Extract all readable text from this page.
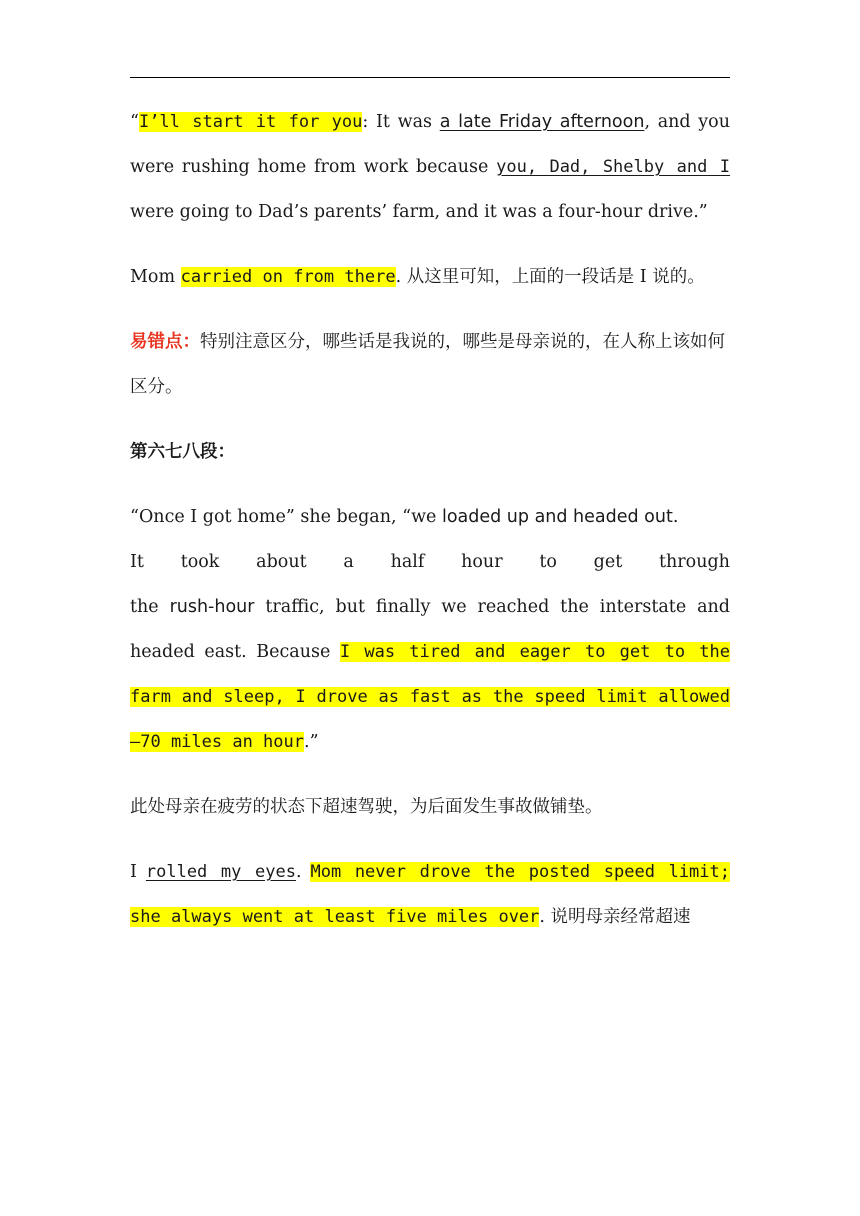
“I’ll start it for you: It was a late Friday afternoon, and you were rushing home from work because you, Dad, Shelby and I were going to Dad’s parents’ farm, and it was a four-hour drive.”

Mom carried on from there. 从这里可知，上面的一段话是 I 说的。

易错点：特别注意区分，哪些话是我说的，哪些是母亲说的，在人称上该如何区分。

第六七八段：

“Once I got home” she began, “we loaded up and headed out.

It took about a half hour to get through

the rush-hour traffic, but finally we reached the interstate and headed east. Because I was tired and eager to get to the farm and sleep, I drove as fast as the speed limit allowed—70 miles an hour.”

此处母亲在疲劳的状态下超速驾驶，为后面发生事故做铺垫。

I rolled my eyes. Mom never drove the posted speed limit; she always went at least five miles over. 说明母亲经常超速
